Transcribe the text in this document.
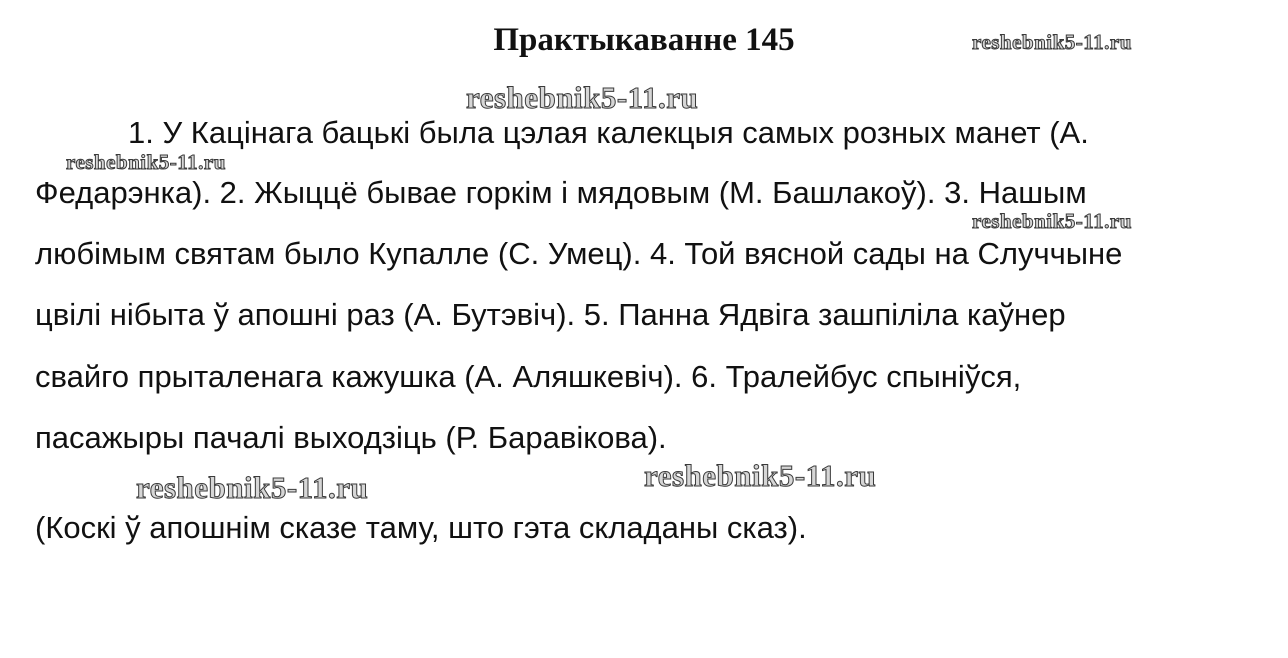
Практыкаванне 145

1. У Кацінага бацькі была цэлая калекцыя самых розных манет (А.

Федарэнка). 2. Жыццё бывае горкім і мядовым (М. Башлакоў). 3. Нашым

любімым святам было Купалле (С. Умец). 4. Той вясной сады на Случчыне

цвілі нібыта ў апошні раз (А. Бутэвіч). 5. Панна Ядвіга зашпіліла каўнер

свайго прыталенага кажушка (А. Аляшкевіч). 6. Тралейбус спыніўся,

пасажыры пачалі выходзіць (Р. Баравікова).

(Коскі ў апошнім сказе таму, што гэта складаны сказ).

reshebnik5-11.ru
reshebnik5-11.ru
reshebnik5-11.ru
reshebnik5-11.ru
reshebnik5-11.ru	reshebnik5-11.ru
